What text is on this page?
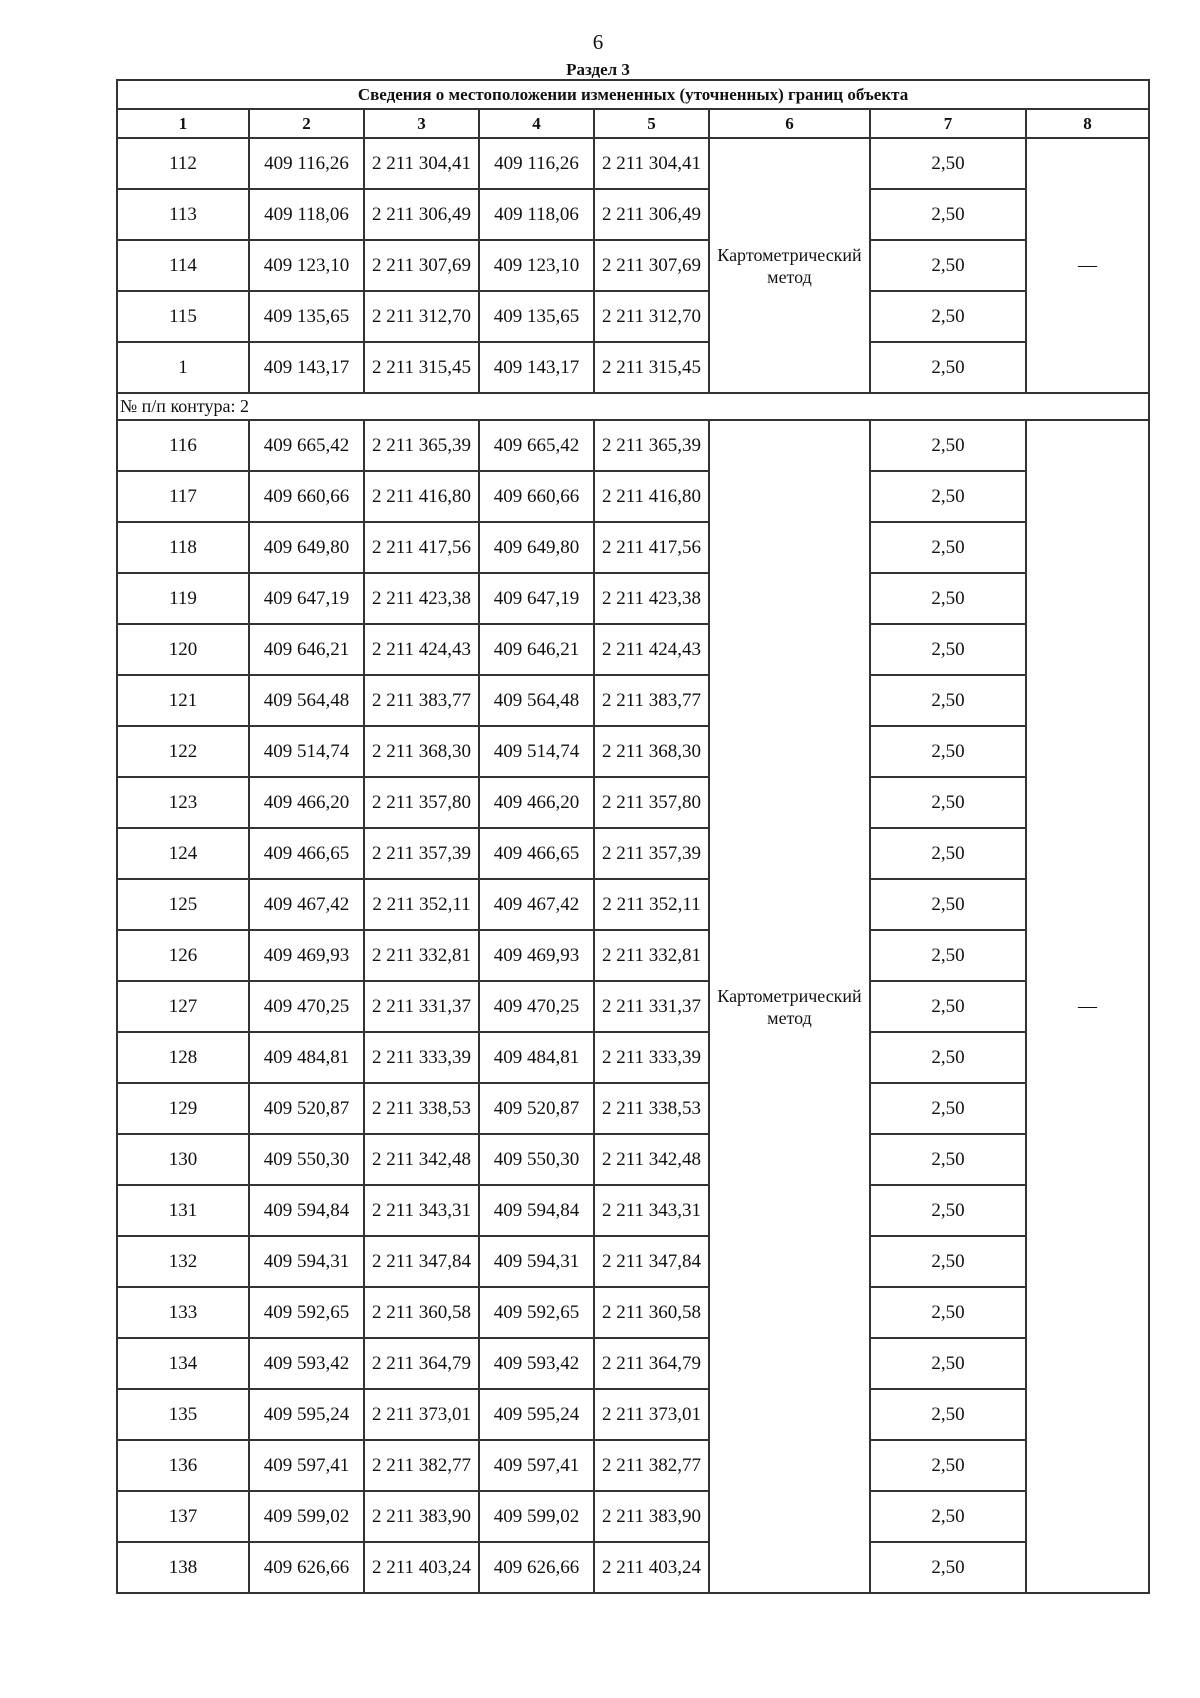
6
Раздел 3
Сведения о местоположении измененных (уточненных) границ объекта							
1	2	3	4	5	6	7	8
112	409 116,26	2 211 304,41	409 116,26	2 211 304,41	Картометрический метод	2,50	—
113	409 118,06	2 211 306,49	409 118,06	2 211 306,49		2,50	
114	409 123,10	2 211 307,69	409 123,10	2 211 307,69		2,50	
115	409 135,65	2 211 312,70	409 135,65	2 211 312,70		2,50	
1	409 143,17	2 211 315,45	409 143,17	2 211 315,45		2,50	
№ п/п контура: 2							
116	409 665,42	2 211 365,39	409 665,42	2 211 365,39	Картометрический метод	2,50	—
117	409 660,66	2 211 416,80	409 660,66	2 211 416,80		2,50	
118	409 649,80	2 211 417,56	409 649,80	2 211 417,56		2,50	
119	409 647,19	2 211 423,38	409 647,19	2 211 423,38		2,50	
120	409 646,21	2 211 424,43	409 646,21	2 211 424,43		2,50	
121	409 564,48	2 211 383,77	409 564,48	2 211 383,77		2,50	
122	409 514,74	2 211 368,30	409 514,74	2 211 368,30		2,50	
123	409 466,20	2 211 357,80	409 466,20	2 211 357,80		2,50	
124	409 466,65	2 211 357,39	409 466,65	2 211 357,39		2,50	
125	409 467,42	2 211 352,11	409 467,42	2 211 352,11		2,50	
126	409 469,93	2 211 332,81	409 469,93	2 211 332,81		2,50	
127	409 470,25	2 211 331,37	409 470,25	2 211 331,37		2,50	
128	409 484,81	2 211 333,39	409 484,81	2 211 333,39		2,50	
129	409 520,87	2 211 338,53	409 520,87	2 211 338,53		2,50	
130	409 550,30	2 211 342,48	409 550,30	2 211 342,48		2,50	
131	409 594,84	2 211 343,31	409 594,84	2 211 343,31		2,50	
132	409 594,31	2 211 347,84	409 594,31	2 211 347,84		2,50	
133	409 592,65	2 211 360,58	409 592,65	2 211 360,58		2,50	
134	409 593,42	2 211 364,79	409 593,42	2 211 364,79		2,50	
135	409 595,24	2 211 373,01	409 595,24	2 211 373,01		2,50	
136	409 597,41	2 211 382,77	409 597,41	2 211 382,77		2,50	
137	409 599,02	2 211 383,90	409 599,02	2 211 383,90		2,50	
138	409 626,66	2 211 403,24	409 626,66	2 211 403,24		2,50	
